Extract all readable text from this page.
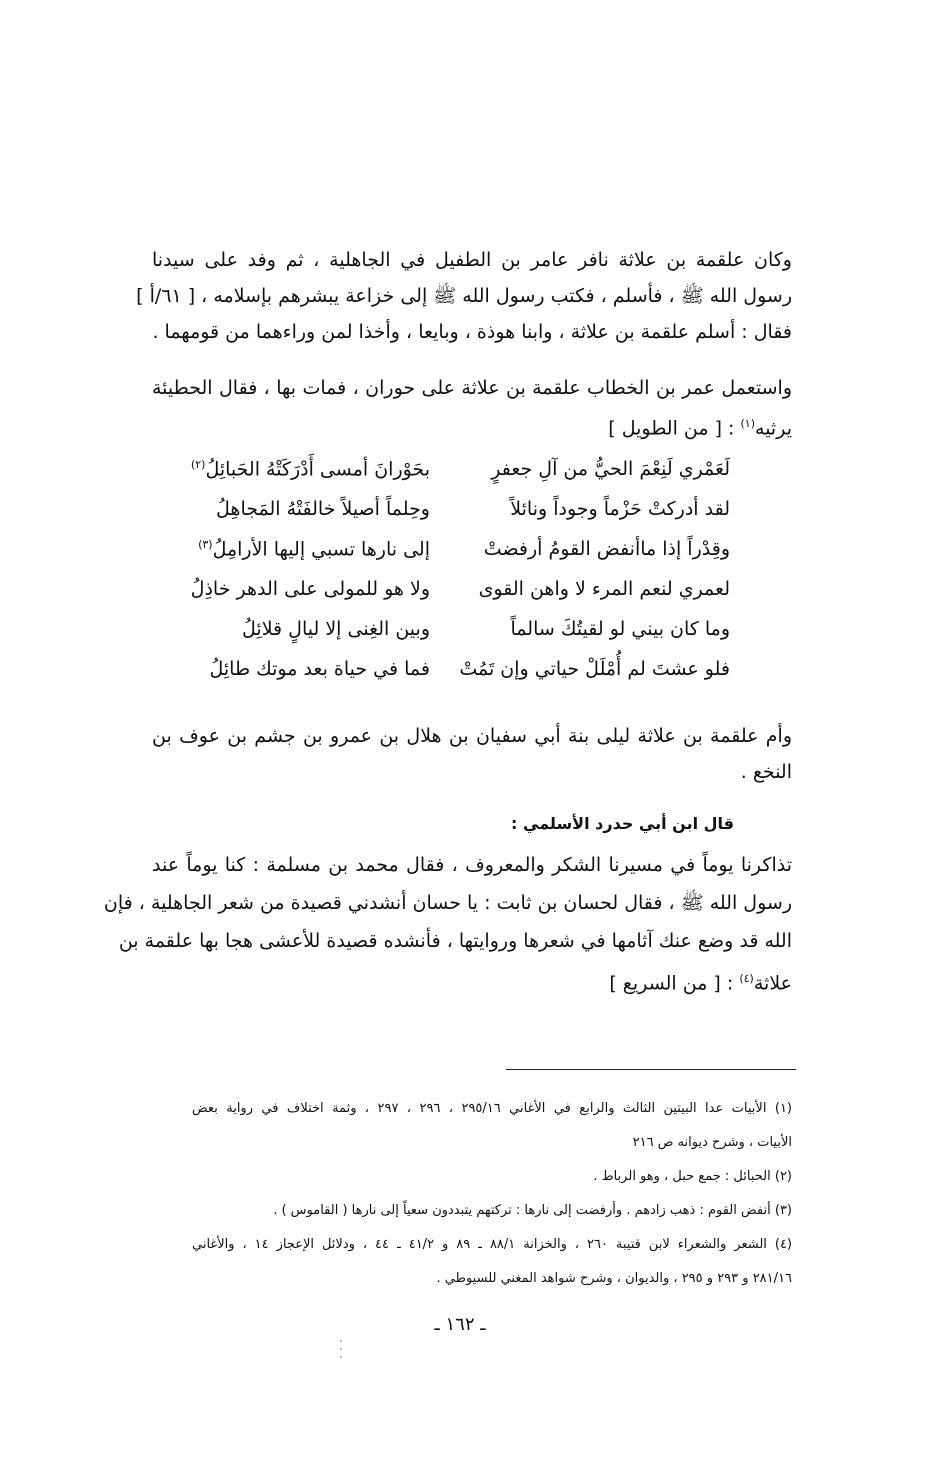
وكان علقمة بن علاثة نافر عامر بن الطفيل في الجاهلية ، ثم وفد على سيدنا
رسول الله ﷺ ، فأسلم ، فكتب رسول الله ﷺ إلى خزاعة يبشرهم بإسلامه ، [ ٦١/أ ]
فقال : أسلم علقمة بن علاثة ، وابنا هوذة ، وبايعا ، وأخذا لمن وراءهما من قومهما .
واستعمل عمر بن الخطاب علقمة بن علاثة على حوران ، فمات بها ، فقال الحطيئة
يرثيه$^{(١)}$ : [ من الطويل ]
لَعَمْري لَنِعْمَ الحيُّ من آلِ جعفرٍ
بحَوْرانَ أمسى أَدْرَكَتْهُ الحَبائِلُ$^{(٢)}$
لقد أدركتْ حَزْماً وجوداً ونائلاً
وحِلماً أصيلاً خالفَتْهُ المَجاهِلُ
وقِدْراً إذا ماأنفض القومُ أرفضتْ
إلى نارها تسبي إليها الأرامِلُ$^{(٣)}$
لعمري لنعم المرء لا واهن القوى
ولا هو للمولى على الدهر خاذِلُ
وما كان بيني لو لقيتُكَ سالماً
وبين الغِنى إلا ليالٍ قلائِلُ
فلو عشتَ لم أُمْلَلْ حياتي وإن تَمُتْ
فما في حياة بعد موتك طائِلُ
وأم علقمة بن علاثة ليلى بنة أبي سفيان بن هلال بن عمرو بن جشم بن عوف بن
النخع .
قال ابن أبي حدرد الأسلمي :
تذاكرنا يوماً في مسيرنا الشكر والمعروف ، فقال محمد بن مسلمة : كنا يوماً عند
رسول الله ﷺ ، فقال لحسان بن ثابت : يا حسان أنشدني قصيدة من شعر الجاهلية ، فإن
الله قد وضع عنك آثامها في شعرها وروايتها ، فأنشده قصيدة للأعشى هجا بها علقمة بن
علاثة$^{(٤)}$ : [ من السريع ]
(١) الأبيات عدا البيتين الثالث والرابع في الأغاني ٢٩٥/١٦ ، ٢٩٦ ، ٢٩٧ ، وثمة اختلاف في رواية بعض
الأبيات ، وشرح ديوانه ص ٢١٦
(٢) الحبائل : جمع حبل ، وهو الرباط .
(٣) أنفض القوم : ذهب زادهم . وأرفضت إلى نارها : تركتهم يتبددون سعياً إلى نارها ( القاموس ) .
(٤) الشعر والشعراء لابن قتيبة ٢٦٠ ، والخزانة ٨٨/١ ـ ٨٩ و ٤١/٢ ـ ٤٤ ، ودلائل الإعجاز ١٤ ، والأغاني
٢٨١/١٦ و ٢٩٣ و ٢٩٥ ، والديوان ، وشرح شواهد المغني للسيوطي .
ـ ١٦٢ ـ
